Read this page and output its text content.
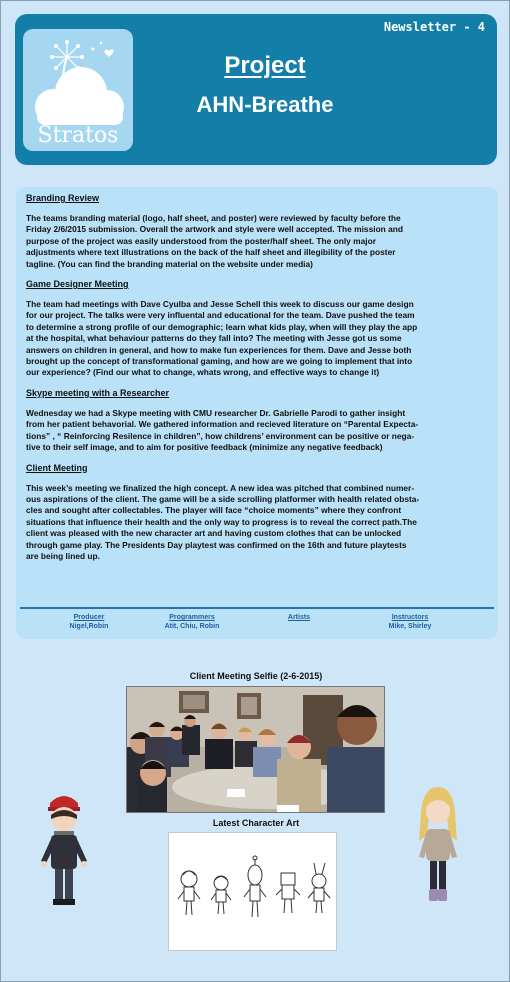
Newsletter - 4
Stratos
Project
AHN-Breathe
Branding Review
The teams branding material (logo, half sheet, and poster) were reviewed by faculty before the
Friday 2/6/2015 submission. Overall the artwork and style were well accepted. The mission and
purpose of the project was easily understood from the poster/half sheet. The only major
adjustments where text illustrations on the back of the half sheet and illegibility of the poster
tagline. (You can find the branding material on the website under media)
Game Designer Meeting
The team had meetings with Dave Cyulba and Jesse Schell this week to discuss our game design
for our project. The talks were very influental and educational for the team. Dave pushed the team
to determine a strong profile of our demographic; learn what kids play, when will they play the app
at the hospital, what behaviour patterns do they fall into? The meeting with Jesse got us some
answers on children in general, and how to make fun experiences for them. Dave and Jesse both
brought up the concept of transformational gaming, and how are we going to implement that into
our experience? (Find our what to change, whats wrong, and effective ways to change it)
Skype meeting with a Researcher
Wednesday we had a Skype meeting with CMU researcher Dr. Gabrielle Parodi to gather insight
from her patient behavorial. We gathered information and recieved literature on “Parental Expecta-
tions” , “ Reinforcing Resilence in children”, how childrens’ environment can be positive or nega-
tive to their self image, and to aim for positive feedback (minimize any negative feedback)
Client Meeting
This week’s meeting we finalized the high concept. A new idea was pitched that combined numer-
ous aspirations of the client. The game will be a side scrolling platformer with health related obsta-
cles and sought after collectables. The player will face “choice moments” where they confront
situations that influence their health and the only way to progress is to reveal the correct path.The
client was pleased with the new character art and having custom clothes that can be unlocked
through game play. The Presidents Day playtest was confirmed on the 16th and future playtests
are being lined up.
Producer
Nigel,Robin
Programmers
Atit, Chiu, Robin
Artists	Instructors
Mike, Shirley
Client Meeting Selfie (2-6-2015)
Latest Character Art
